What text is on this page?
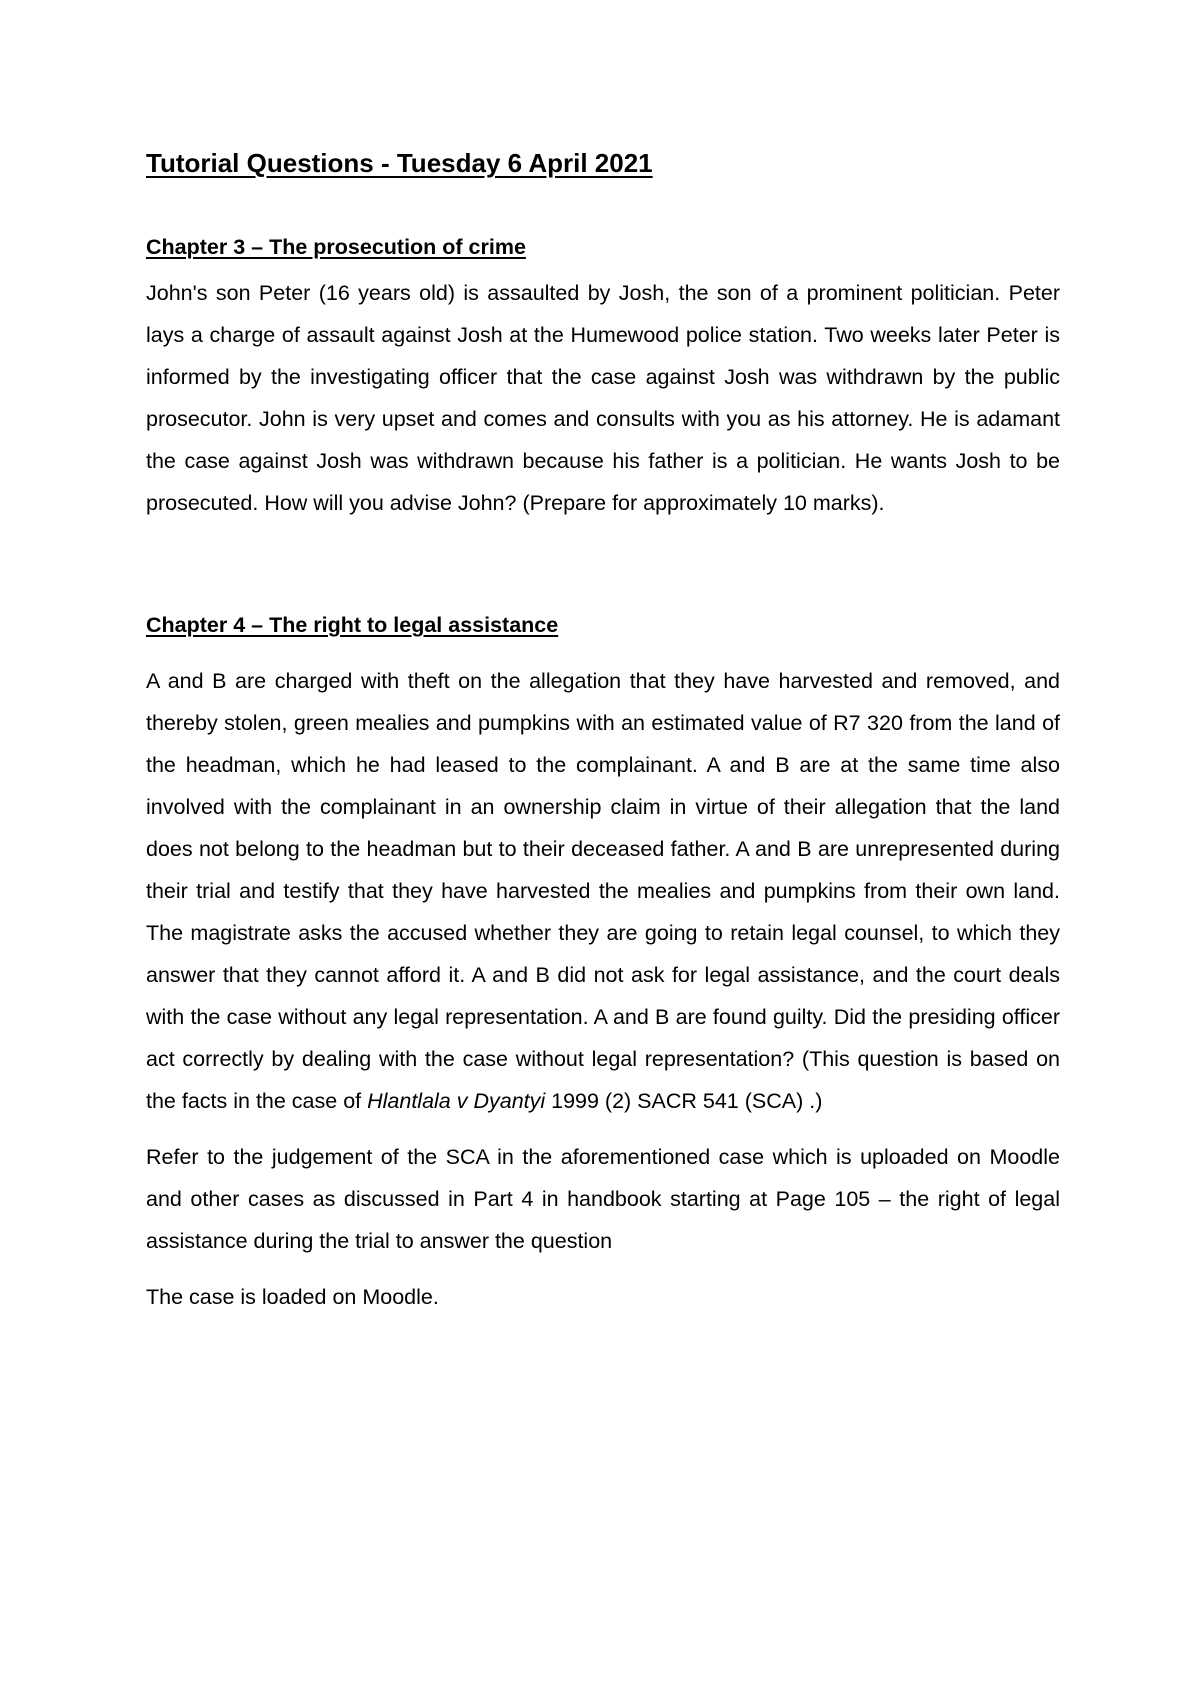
Tutorial Questions - Tuesday 6 April 2021
Chapter 3 – The prosecution of crime

John's son Peter (16 years old) is assaulted by Josh, the son of a prominent politician. Peter lays a charge of assault against Josh at the Humewood police station. Two weeks later Peter is informed by the investigating officer that the case against Josh was withdrawn by the public prosecutor. John is very upset and comes and consults with you as his attorney. He is adamant the case against Josh was withdrawn because his father is a politician. He wants Josh to be prosecuted. How will you advise John? (Prepare for approximately 10 marks).

Chapter 4 – The right to legal assistance

A and B are charged with theft on the allegation that they have harvested and removed, and thereby stolen, green mealies and pumpkins with an estimated value of R7 320 from the land of the headman, which he had leased to the complainant. A and B are at the same time also involved with the complainant in an ownership claim in virtue of their allegation that the land does not belong to the headman but to their deceased father. A and B are unrepresented during their trial and testify that they have harvested the mealies and pumpkins from their own land. The magistrate asks the accused whether they are going to retain legal counsel, to which they answer that they cannot afford it. A and B did not ask for legal assistance, and the court deals with the case without any legal representation. A and B are found guilty. Did the presiding officer act correctly by dealing with the case without legal representation? (This question is based on the facts in the case of Hlantlala v Dyantyi 1999 (2) SACR 541 (SCA) .)

Refer to the judgement of the SCA in the aforementioned case which is uploaded on Moodle and other cases as discussed in Part 4 in handbook starting at Page 105 – the right of legal assistance during the trial to answer the question

The case is loaded on Moodle.
